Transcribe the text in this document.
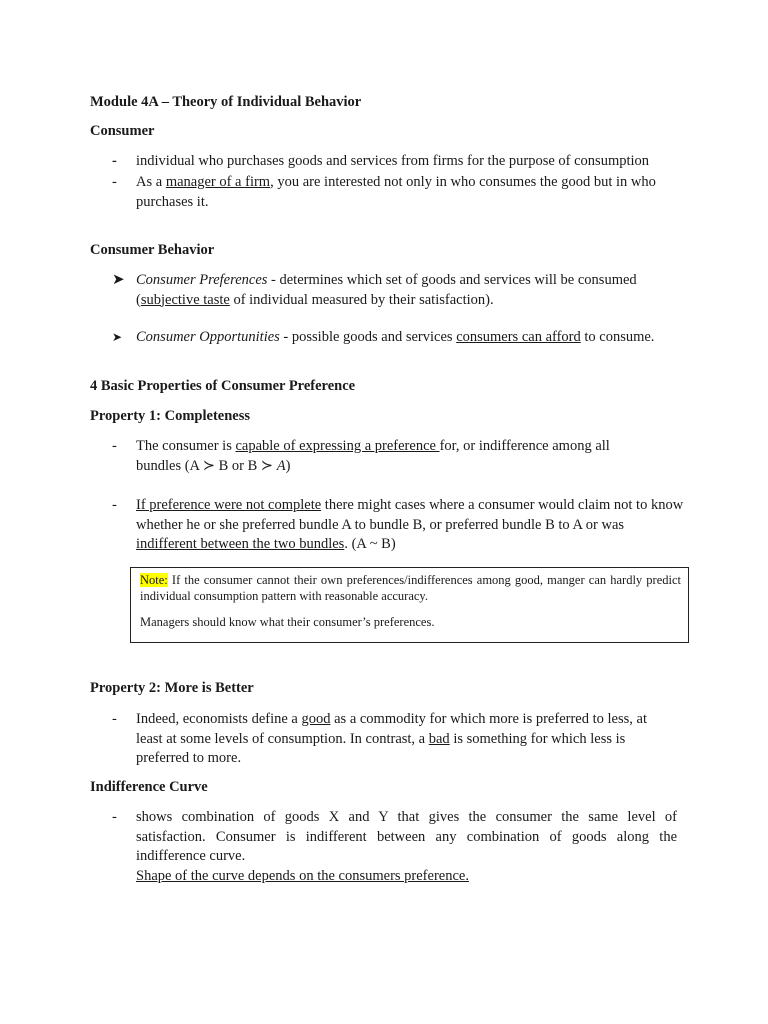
Module 4A – Theory of Individual Behavior
Consumer
-	individual who purchases goods and services from firms for the purpose of consumption
-	As a manager of a firm, you are interested not only in who consumes the good but in who
purchases it.
Consumer Behavior
➤ Consumer Preferences - determines which set of goods and services will be consumed
(subjective taste of individual measured by their satisfaction).
➤ Consumer Opportunities - possible goods and services consumers can afford to consume.
4 Basic Properties of Consumer Preference
Property 1: Completeness
-	The consumer is capable of expressing a preference for, or indifference among all
bundles (A ≻ B or B ≻ A)
-	If preference were not complete there might cases where a consumer would claim not to know
whether he or she preferred bundle A to bundle B, or preferred bundle B to A or was
indifferent between the two bundles. (A ~ B)
Note: If the consumer cannot their own preferences/indifferences among good, manger can hardly predict individual consumption pattern with reasonable accuracy.
Managers should know what their consumer’s preferences.
Property 2: More is Better
-	Indeed, economists define a good as a commodity for which more is preferred to less, at
least at some levels of consumption. In contrast, a bad is something for which less is
preferred to more.
Indifference Curve
-	shows combination of goods X and Y that gives the consumer the same level of
satisfaction. Consumer is indifferent between any combination of goods along the
indifference curve.
Shape of the curve depends on the consumers preference.
